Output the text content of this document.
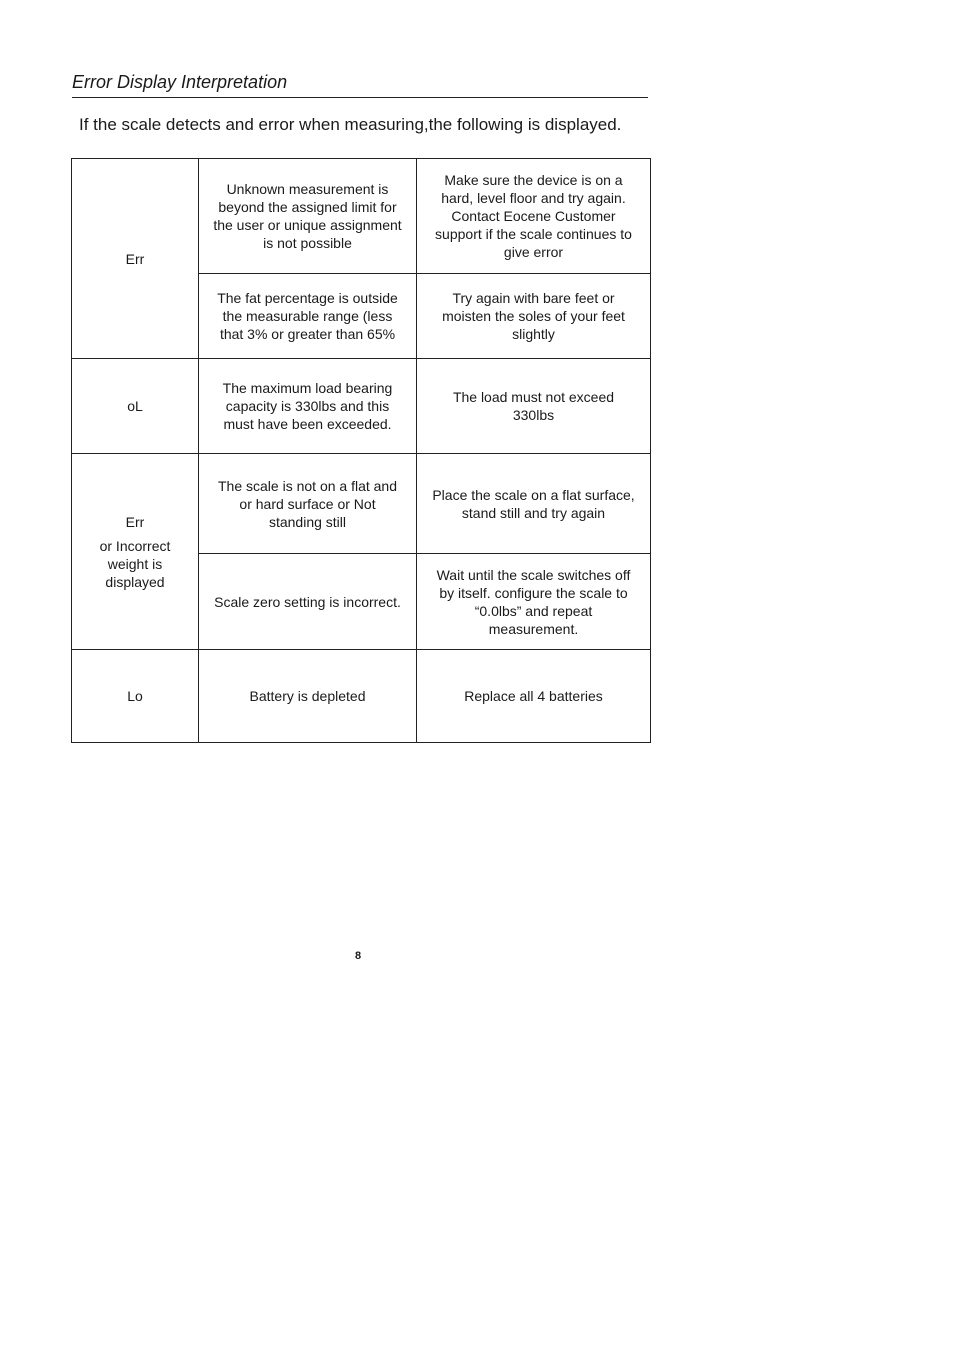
Error Display Interpretation
If the scale detects and error when measuring,the following is displayed.
Err	Unknown measurement is beyond the assigned limit for the user or unique assignment is not possible	Make sure the device is on a hard, level floor and try again. Contact Eocene Customer support if the scale continues to give error
	The fat percentage is outside the measurable range (less that 3% or greater than 65%	Try again with bare feet or moisten the soles of your feet slightly

oL	The maximum load bearing capacity is 330lbs and this must have been exceeded.	The load must not exceed 330lbs

Err
or Incorrect weight is displayed	The scale is not on a flat and or hard surface or Not standing still	Place the scale on a flat surface, stand still and try again
	Scale zero setting is incorrect.	Wait until the scale switches off by itself. configure the scale to “0.0lbs” and repeat measurement.

Lo	Battery is depleted	Replace all 4 batteries
8
